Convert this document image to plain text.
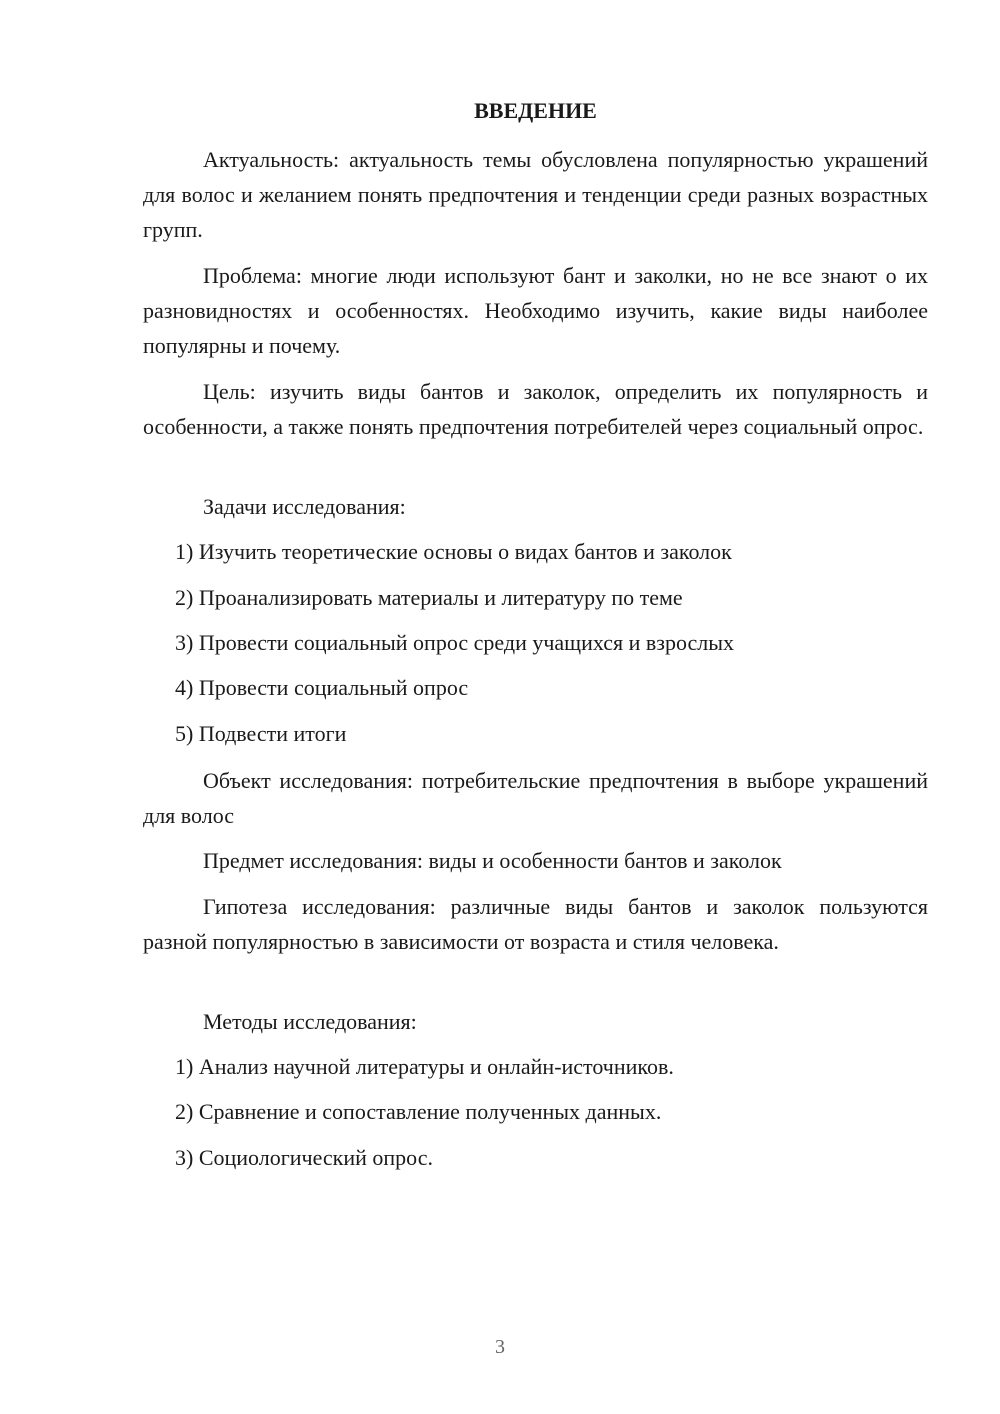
ВВЕДЕНИЕ
Актуальность: актуальность темы обусловлена популярностью украшений для волос и желанием понять предпочтения и тенденции среди разных возрастных групп.
Проблема: многие люди используют бант и заколки, но не все знают о их разновидностях и особенностях. Необходимо изучить, какие виды наиболее популярны и почему.
Цель: изучить виды бантов и заколок, определить их популярность и особенности, а также понять предпочтения потребителей через социальный опрос.
Задачи исследования:
1) Изучить теоретические основы о видах бантов и заколок
2) Проанализировать материалы и литературу по теме
3) Провести социальный опрос среди учащихся и взрослых
4) Провести социальный опрос
5) Подвести итоги
Объект исследования: потребительские предпочтения в выборе украшений для волос
Предмет исследования: виды и особенности бантов и заколок
Гипотеза исследования: различные виды бантов и заколок пользуются разной популярностью в зависимости от возраста и стиля человека.
Методы исследования:
1) Анализ научной литературы и онлайн-источников.
2) Сравнение и сопоставление полученных данных.
3) Социологический опрос.
3
